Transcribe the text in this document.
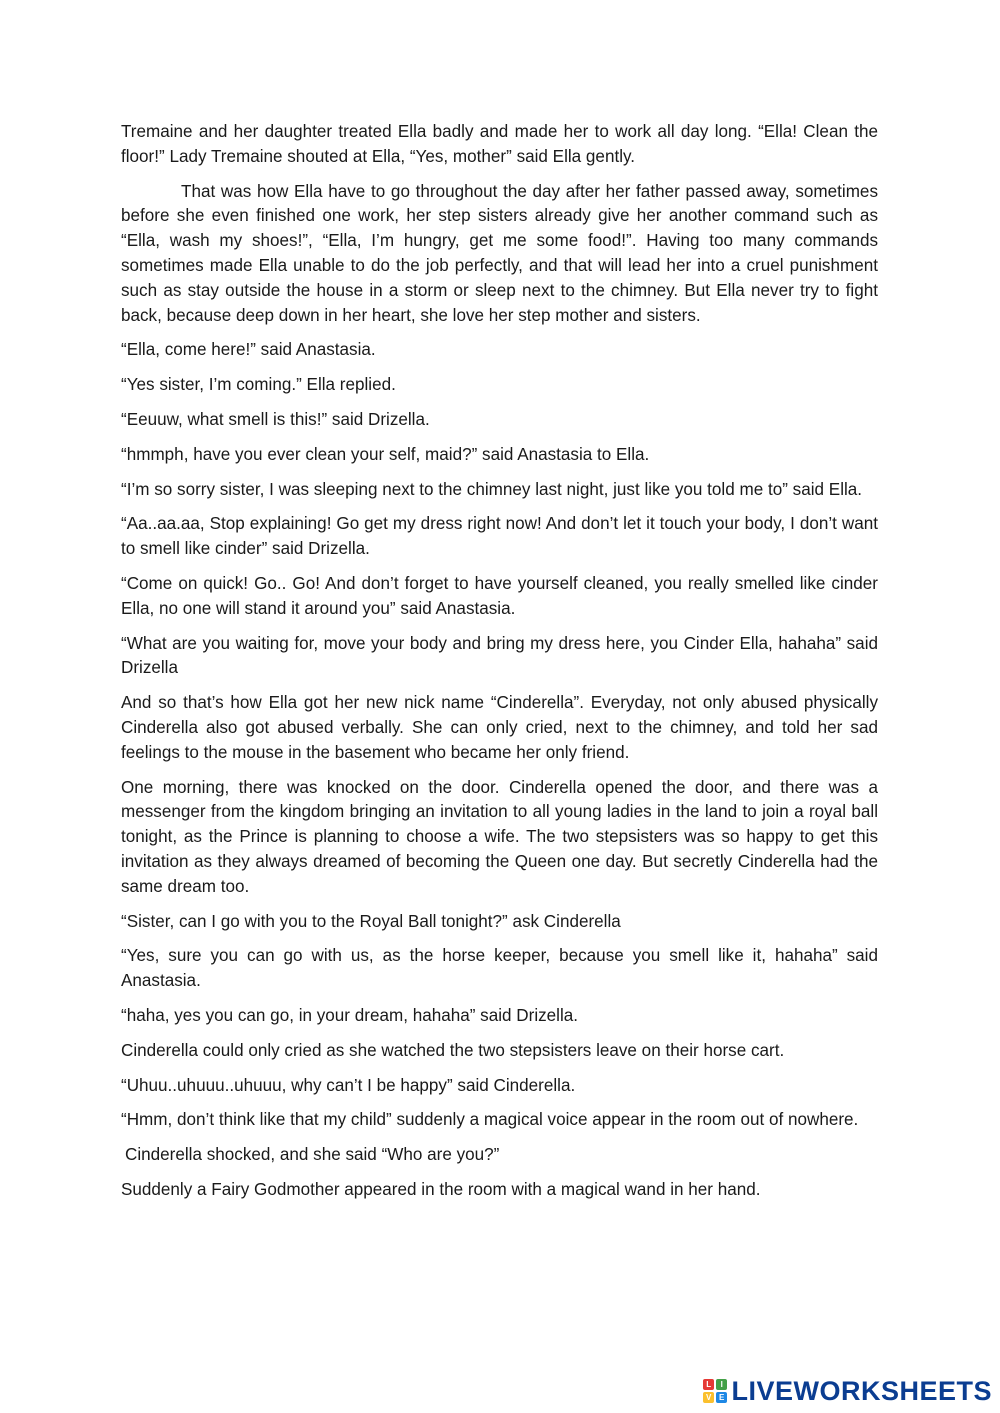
Tremaine and her daughter treated Ella badly and made her to work all day long. “Ella! Clean the floor!” Lady Tremaine shouted at Ella, “Yes, mother” said Ella gently.

That was how Ella have to go throughout the day after her father passed away, sometimes before she even finished one work, her step sisters already give her another command such as “Ella, wash my shoes!”, “Ella, I’m hungry, get me some food!”. Having too many commands sometimes made Ella unable to do the job perfectly, and that will lead her into a cruel punishment such as stay outside the house in a storm or sleep next to the chimney. But Ella never try to fight back, because deep down in her heart, she love her step mother and sisters.

“Ella, come here!” said Anastasia.

“Yes sister, I’m coming.” Ella replied.

“Eeuuw, what smell is this!” said Drizella.

“hmmph, have you ever clean your self, maid?” said Anastasia to Ella.

“I’m so sorry sister, I was sleeping next to the chimney last night, just like you told me to” said Ella.

“Aa..aa.aa, Stop explaining! Go get my dress right now! And don’t let it touch your body, I don’t want to smell like cinder” said Drizella.

“Come on quick! Go.. Go! And don’t forget to have yourself cleaned, you really smelled like cinder Ella, no one will stand it around you” said Anastasia.

“What are you waiting for, move your body and bring my dress here, you Cinder Ella, hahaha” said Drizella

And so that’s how Ella got her new nick name “Cinderella”. Everyday, not only abused physically Cinderella also got abused verbally. She can only cried, next to the chimney, and told her sad feelings to the mouse in the basement who became her only friend.

One morning, there was knocked on the door. Cinderella opened the door, and there was a messenger from the kingdom bringing an invitation to all young ladies in the land to join a royal ball tonight, as the Prince is planning to choose a wife. The two stepsisters was so happy to get this invitation as they always dreamed of becoming the Queen one day. But secretly Cinderella had the same dream too.

“Sister, can I go with you to the Royal Ball tonight?” ask Cinderella

“Yes, sure you can go with us, as the horse keeper, because you smell like it, hahaha” said Anastasia.

“haha, yes you can go, in your dream, hahaha” said Drizella.

Cinderella could only cried as she watched the two stepsisters leave on their horse cart.

“Uhuu..uhuuu..uhuuu, why can’t I be happy” said Cinderella.

“Hmm, don’t think like that my child” suddenly a magical voice appear in the room out of nowhere.

Cinderella shocked, and she said “Who are you?”

Suddenly a Fairy Godmother appeared in the room with a magical wand in her hand.

L	I
V E LIVEWORKSHEETS
